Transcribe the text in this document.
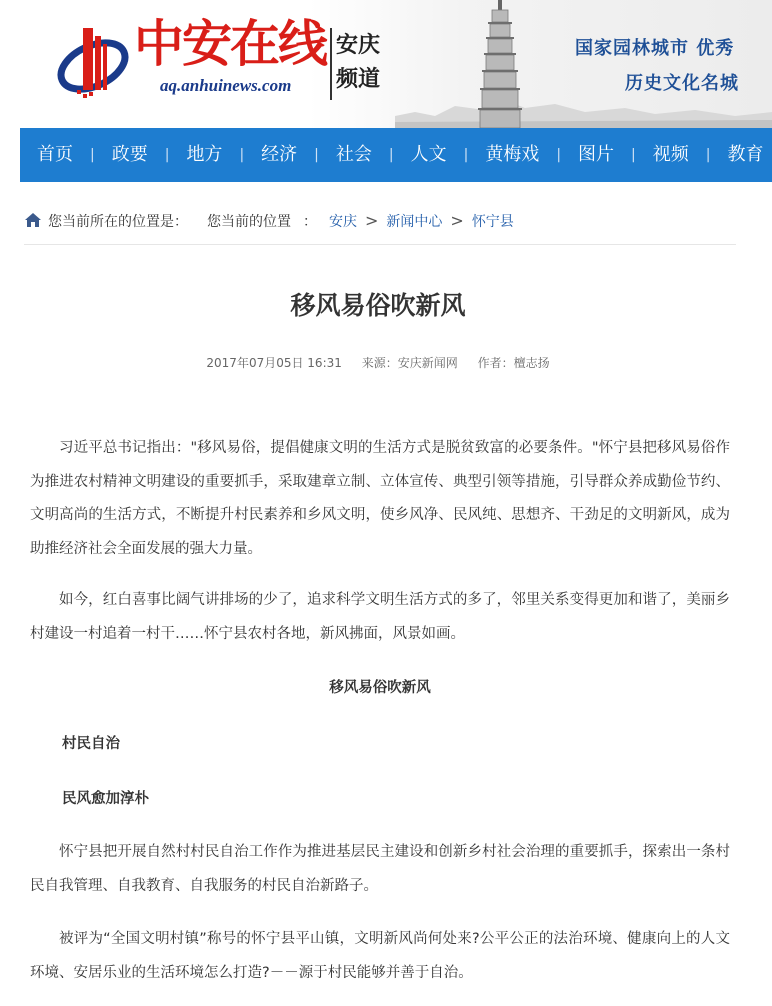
中安在线
aq.anhuinews.com
安庆
频道
国家园林城市 优秀
历史文化名城
首页	| 政要	| 地方	| 经济	| 社会	| 人文	| 黄梅戏	| 图片	| 视频	| 教育
您当前所在的位置是： 您当前的位置 ： 安庆 > 新闻中心 > 怀宁县
移风易俗吹新风
2017年07月05日 16:31 来源：安庆新闻网 作者：檀志扬

习近平总书记指出："移风易俗，提倡健康文明的生活方式是脱贫致富的必要条件。"怀宁县把移风易俗作为推进农村精神文明建设的重要抓手，采取建章立制、立体宣传、典型引领等措施，引导群众养成勤俭节约、文明高尚的生活方式，不断提升村民素养和乡风文明，使乡风净、民风纯、思想齐、干劲足的文明新风，成为助推经济社会全面发展的强大力量。

如今，红白喜事比阔气讲排场的少了，追求科学文明生活方式的多了，邻里关系变得更加和谐了，美丽乡村建设一村追着一村干……怀宁县农村各地，新风拂面，风景如画。

移风易俗吹新风
村民自治
民风愈加淳朴

怀宁县把开展自然村村民自治工作作为推进基层民主建设和创新乡村社会治理的重要抓手，探索出一条村民自我管理、自我教育、自我服务的村民自治新路子。

被评为“全国文明村镇”称号的怀宁县平山镇，文明新风尚何处来?公平公正的法治环境、健康向上的人文环境、安居乐业的生活环境怎么打造?－－源于村民能够并善于自治。
